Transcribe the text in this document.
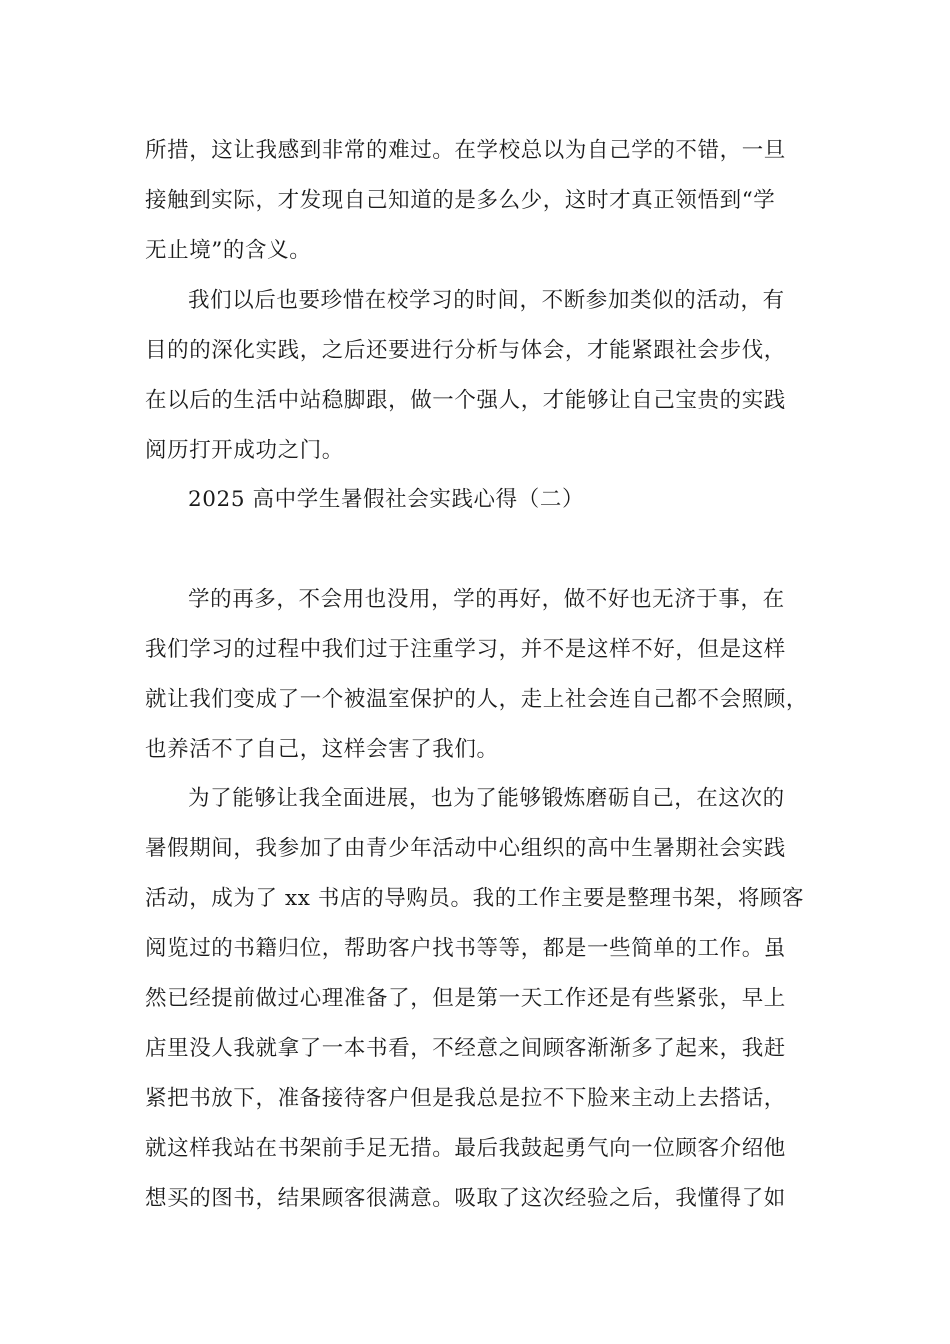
所措，这让我感到非常的难过。在学校总以为自己学的不错，一旦
接触到实际，才发现自己知道的是多么少，这时才真正领悟到“学
无止境”的含义。
我们以后也要珍惜在校学习的时间，不断参加类似的活动，有
目的的深化实践，之后还要进行分析与体会，才能紧跟社会步伐，
在以后的生活中站稳脚跟，做一个强人，才能够让自己宝贵的实践
阅历打开成功之门。
2025 高中学生暑假社会实践心得（二）
学的再多，不会用也没用，学的再好，做不好也无济于事，在
我们学习的过程中我们过于注重学习，并不是这样不好，但是这样
就让我们变成了一个被温室保护的人，走上社会连自己都不会照顾，
也养活不了自己，这样会害了我们。
为了能够让我全面进展，也为了能够锻炼磨砺自己，在这次的
暑假期间，我参加了由青少年活动中心组织的高中生暑期社会实践
活动，成为了 xx 书店的导购员。我的工作主要是整理书架，将顾客
阅览过的书籍归位，帮助客户找书等等，都是一些简单的工作。虽
然已经提前做过心理准备了，但是第一天工作还是有些紧张，早上
店里没人我就拿了一本书看，不经意之间顾客渐渐多了起来，我赶
紧把书放下，准备接待客户但是我总是拉不下脸来主动上去搭话，
就这样我站在书架前手足无措。最后我鼓起勇气向一位顾客介绍他
想买的图书，结果顾客很满意。吸取了这次经验之后，我懂得了如
